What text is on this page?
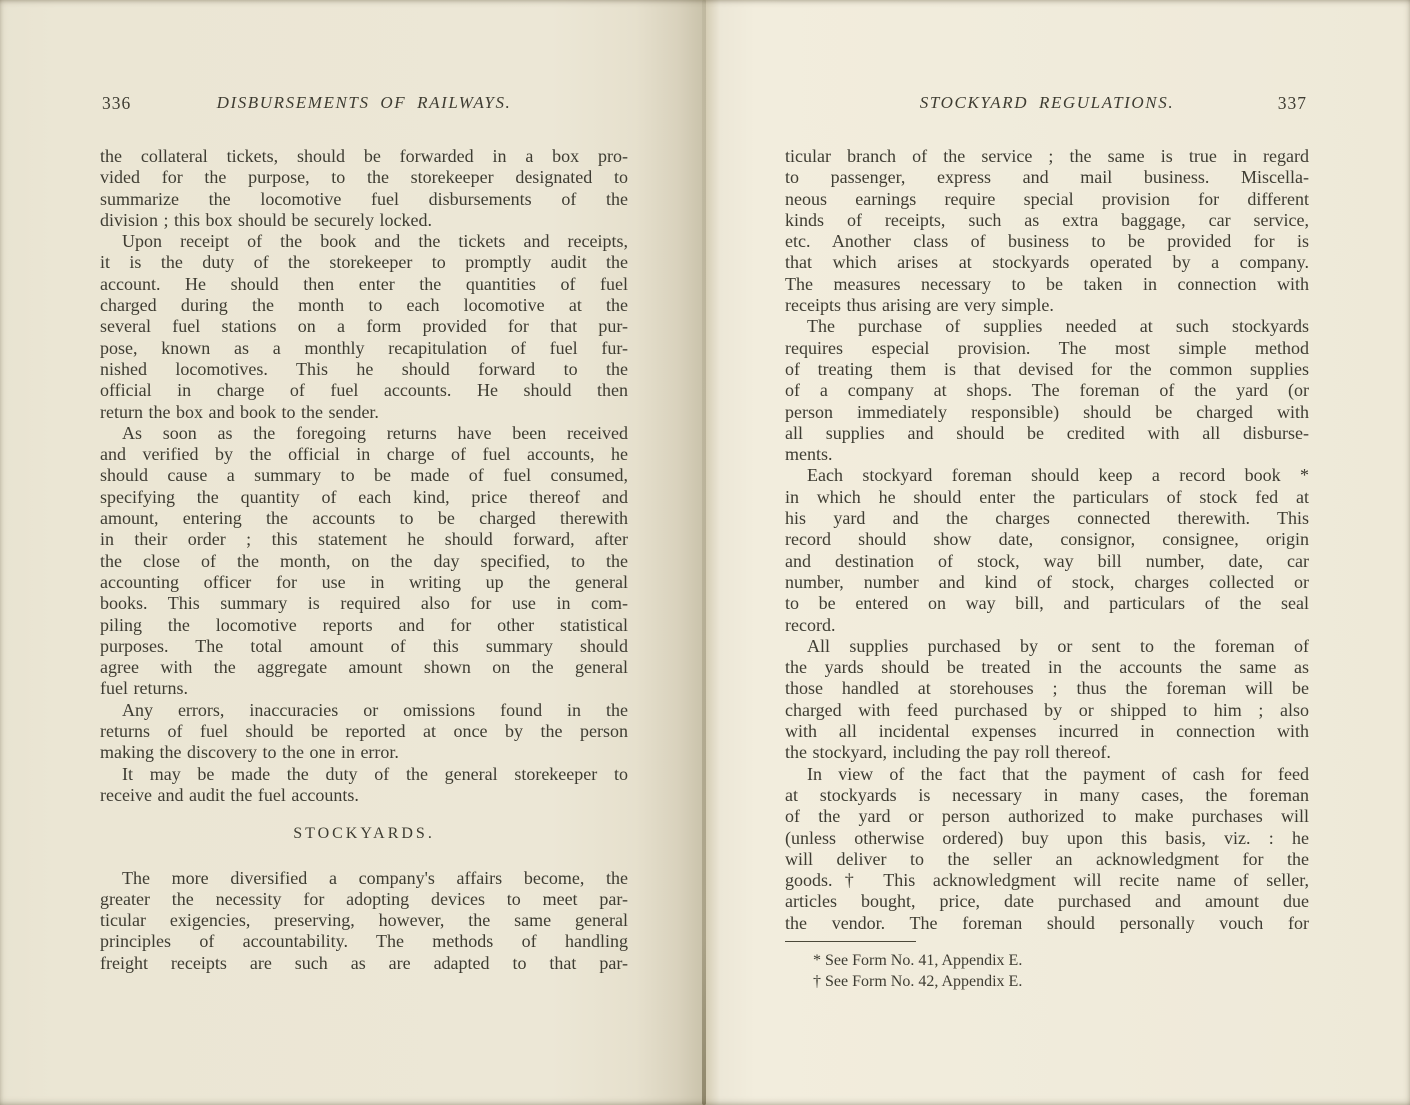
336	DISBURSEMENTS OF RAILWAYS.	STOCKYARD REGULATIONS.	337
the collateral tickets, should be forwarded in a box pro-
vided for the purpose, to the storekeeper designated to
summarize the locomotive fuel disbursements of the
division ; this box should be securely locked.
Upon receipt of the book and the tickets and receipts,
it is the duty of the storekeeper to promptly audit the
account. He should then enter the quantities of fuel
charged during the month to each locomotive at the
several fuel stations on a form provided for that pur-
pose, known as a monthly recapitulation of fuel fur-
nished locomotives. This he should forward to the
official in charge of fuel accounts. He should then
return the box and book to the sender.
As soon as the foregoing returns have been received
and verified by the official in charge of fuel accounts, he
should cause a summary to be made of fuel consumed,
specifying the quantity of each kind, price thereof and
amount, entering the accounts to be charged therewith
in their order ; this statement he should forward, after
the close of the month, on the day specified, to the
accounting officer for use in writing up the general
books. This summary is required also for use in com-
piling the locomotive reports and for other statistical
purposes. The total amount of this summary should
agree with the aggregate amount shown on the general
fuel returns.
Any errors, inaccuracies or omissions found in the
returns of fuel should be reported at once by the person
making the discovery to the one in error.
It may be made the duty of the general storekeeper to
receive and audit the fuel accounts.
STOCKYARDS.
The more diversified a company's affairs become, the
greater the necessity for adopting devices to meet par-
ticular exigencies, preserving, however, the same general
principles of accountability. The methods of handling
freight receipts are such as are adapted to that par-
ticular branch of the service ; the same is true in regard
to passenger, express and mail business. Miscella-
neous earnings require special provision for different
kinds of receipts, such as extra baggage, car service,
etc. Another class of business to be provided for is
that which arises at stockyards operated by a company.
The measures necessary to be taken in connection with
receipts thus arising are very simple.
The purchase of supplies needed at such stockyards
requires especial provision. The most simple method
of treating them is that devised for the common supplies
of a company at shops. The foreman of the yard (or
person immediately responsible) should be charged with
all supplies and should be credited with all disburse-
ments.
Each stockyard foreman should keep a record book *
in which he should enter the particulars of stock fed at
his yard and the charges connected therewith. This
record should show date, consignor, consignee, origin
and destination of stock, way bill number, date, car
number, number and kind of stock, charges collected or
to be entered on way bill, and particulars of the seal
record.
All supplies purchased by or sent to the foreman of
the yards should be treated in the accounts the same as
those handled at storehouses ; thus the foreman will be
charged with feed purchased by or shipped to him ; also
with all incidental expenses incurred in connection with
the stockyard, including the pay roll thereof.
In view of the fact that the payment of cash for feed
at stockyards is necessary in many cases, the foreman
of the yard or person authorized to make purchases will
(unless otherwise ordered) buy upon this basis, viz. : he
will deliver to the seller an acknowledgment for the
goods.† This acknowledgment will recite name of seller,
articles bought, price, date purchased and amount due
the vendor. The foreman should personally vouch for
* See Form No. 41, Appendix E.
† See Form No. 42, Appendix E.
